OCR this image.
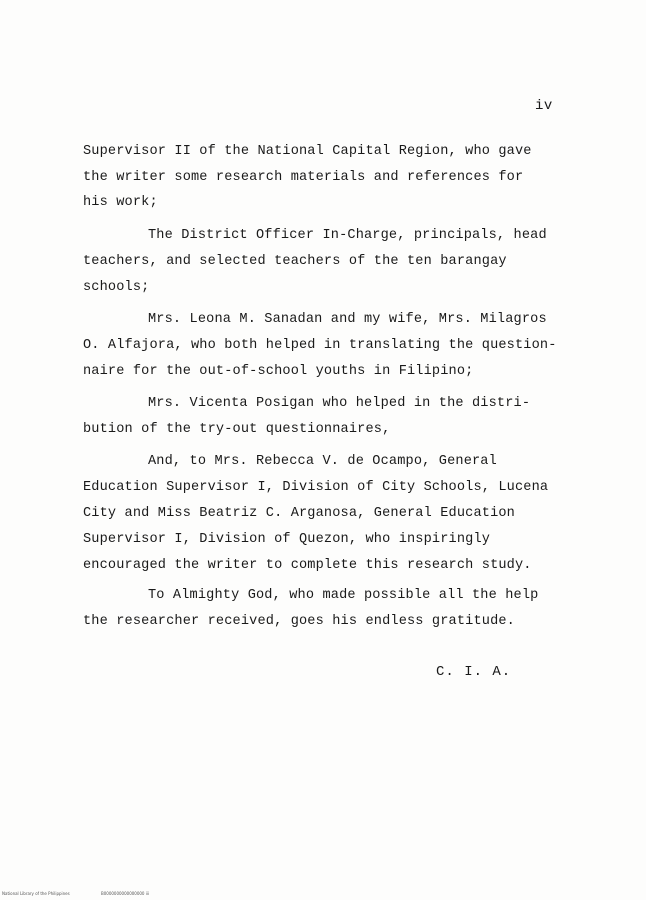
iv
Supervisor II of the National Capital Region, who gave
the writer some research materials and references for
his work;
The District Officer In-Charge, principals, head
teachers, and selected teachers of the ten barangay
schools;
Mrs. Leona M. Sanadan and my wife, Mrs. Milagros
O. Alfajora, who both helped in translating the question-
naire for the out-of-school youths in Filipino;
Mrs. Vicenta Posigan who helped in the distri-
bution of the try-out questionnaires,
And, to Mrs. Rebecca V. de Ocampo, General
Education Supervisor I, Division of City Schools, Lucena
City and Miss Beatriz C. Arganosa, General Education
Supervisor I, Division of Quezon, who inspiringly
encouraged the writer to complete this research study.
To Almighty God, who made possible all the help
the researcher received, goes his endless gratitude.
C. I. A.
National Library of the Philippines	B0000000000000000 iii
